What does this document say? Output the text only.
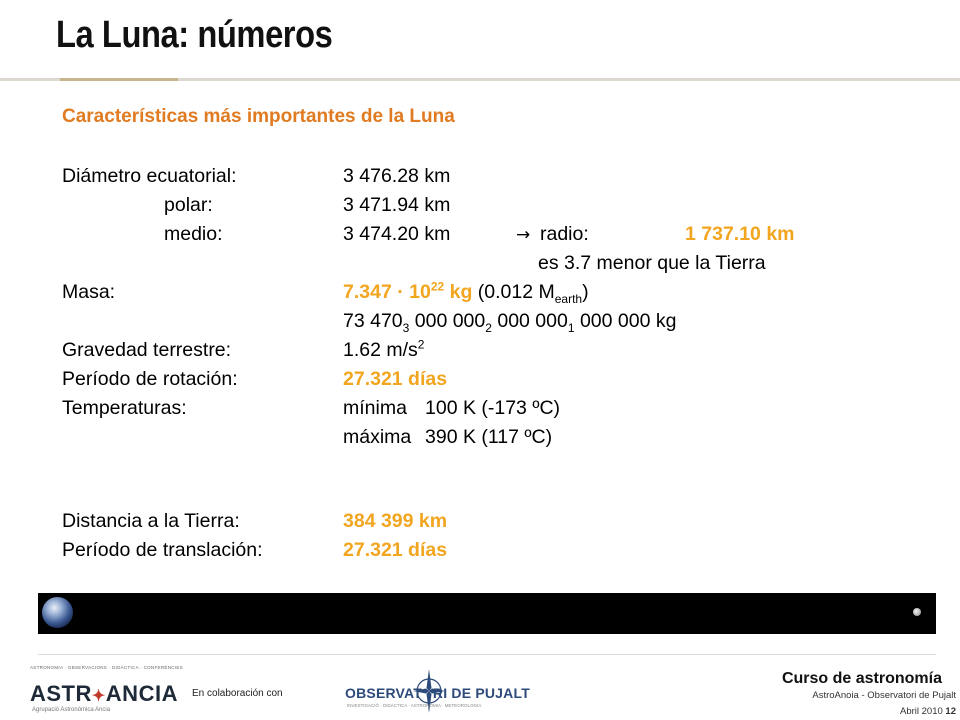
La Luna: números
Características más importantes de la Luna
Diámetro ecuatorial:	3 476.28 km
polar:	3 471.94 km
medio:	3 474.20 km	→ radio:	1 737.10 km
es 3.7 menor que la Tierra
Masa:	$7.347 \cdot 10^{22}$ kg (0.012 $M_{earth}$)
73 $470_3$ 000 $000_2$ 000 $000_1$ 000 000 kg
Gravedad terrestre:	1.62 $m/s^2$
Período de rotación:	27.321 días
Temperaturas:	mínima 100 K (-173 ºC)
máxima 390 K (117 ºC)
Distancia a la Tierra:	384 399 km
Período de translación:	27.321 días
ASTRONOMIA · OBSERVACIONS · DIDÀCTICA · CONFERÈNCIES
ASTR✦ANCIA
Agrupació Astronòmica Ancia
En colaboración con	OBSERVAT RI DE PUJALT
INVESTIGACIÓ · DIDÀCTICA · ASTRONOMIA · METEOROLOGIA
Curso de astronomía
AstroAnoia - Observatori de Pujalt
Abril 2010 12
